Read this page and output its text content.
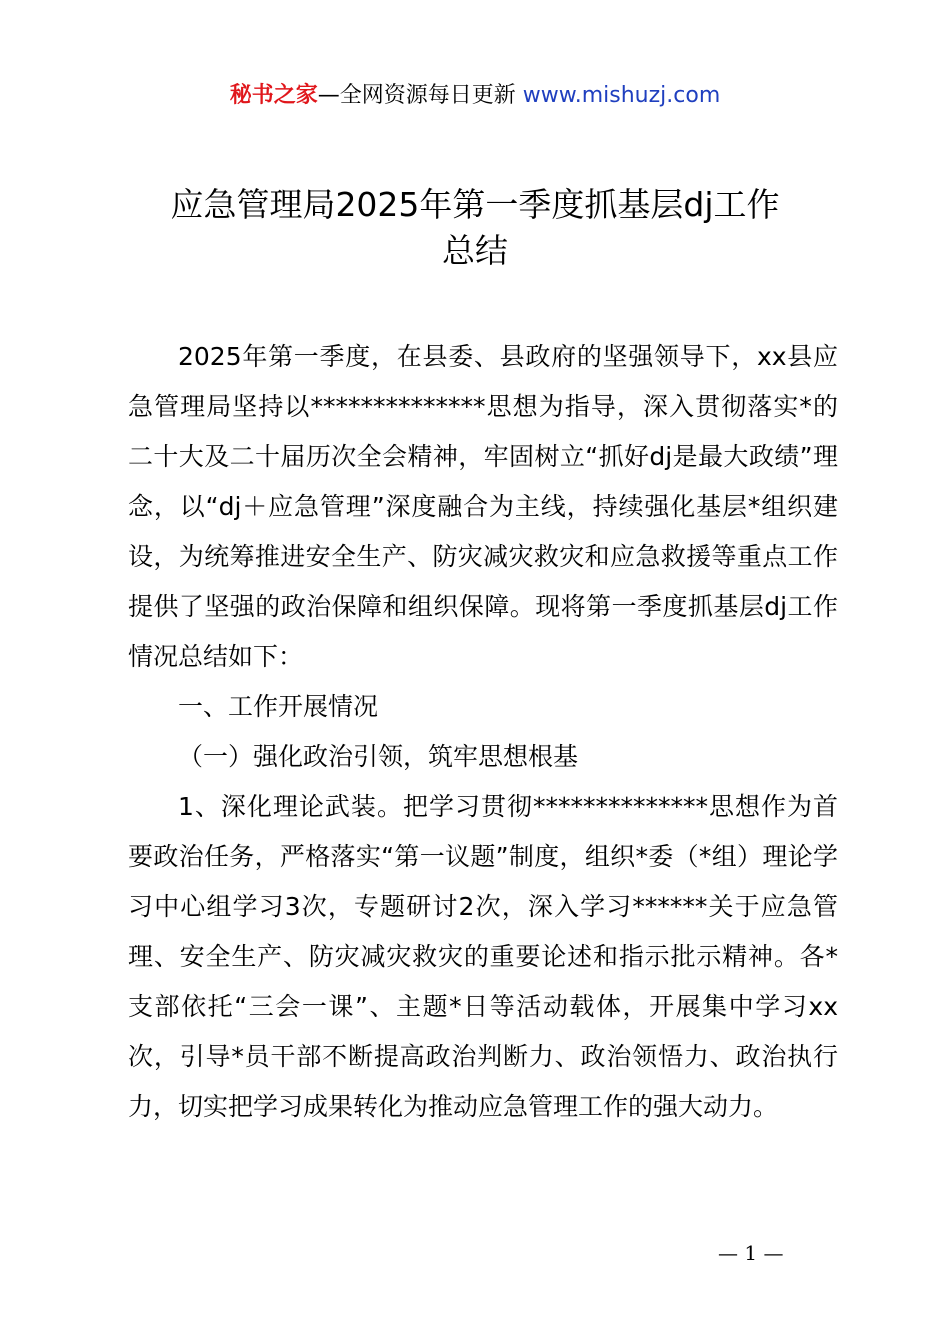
秘书之家—全网资源每日更新 www.mishuzj.com
应急管理局2025年第一季度抓基层dj工作
总结

2025年第一季度，在县委、县政府的坚强领导下，xx县应急管理局坚持以**************思想为指导，深入贯彻落实*的二十大及二十届历次全会精神，牢固树立“抓好dj是最大政绩”理念，以“dj＋应急管理”深度融合为主线，持续强化基层*组织建设，为统筹推进安全生产、防灾减灾救灾和应急救援等重点工作提供了坚强的政治保障和组织保障。现将第一季度抓基层dj工作情况总结如下：

一、工作开展情况

（一）强化政治引领，筑牢思想根基

1、深化理论武装。把学习贯彻**************思想作为首要政治任务，严格落实“第一议题”制度，组织*委（*组）理论学习中心组学习3次，专题研讨2次，深入学习******关于应急管理、安全生产、防灾减灾救灾的重要论述和指示批示精神。各*支部依托“三会一课”、主题*日等活动载体，开展集中学习xx次，引导*员干部不断提高政治判断力、政治领悟力、政治执行力，切实把学习成果转化为推动应急管理工作的强大动力。

— 1 —
